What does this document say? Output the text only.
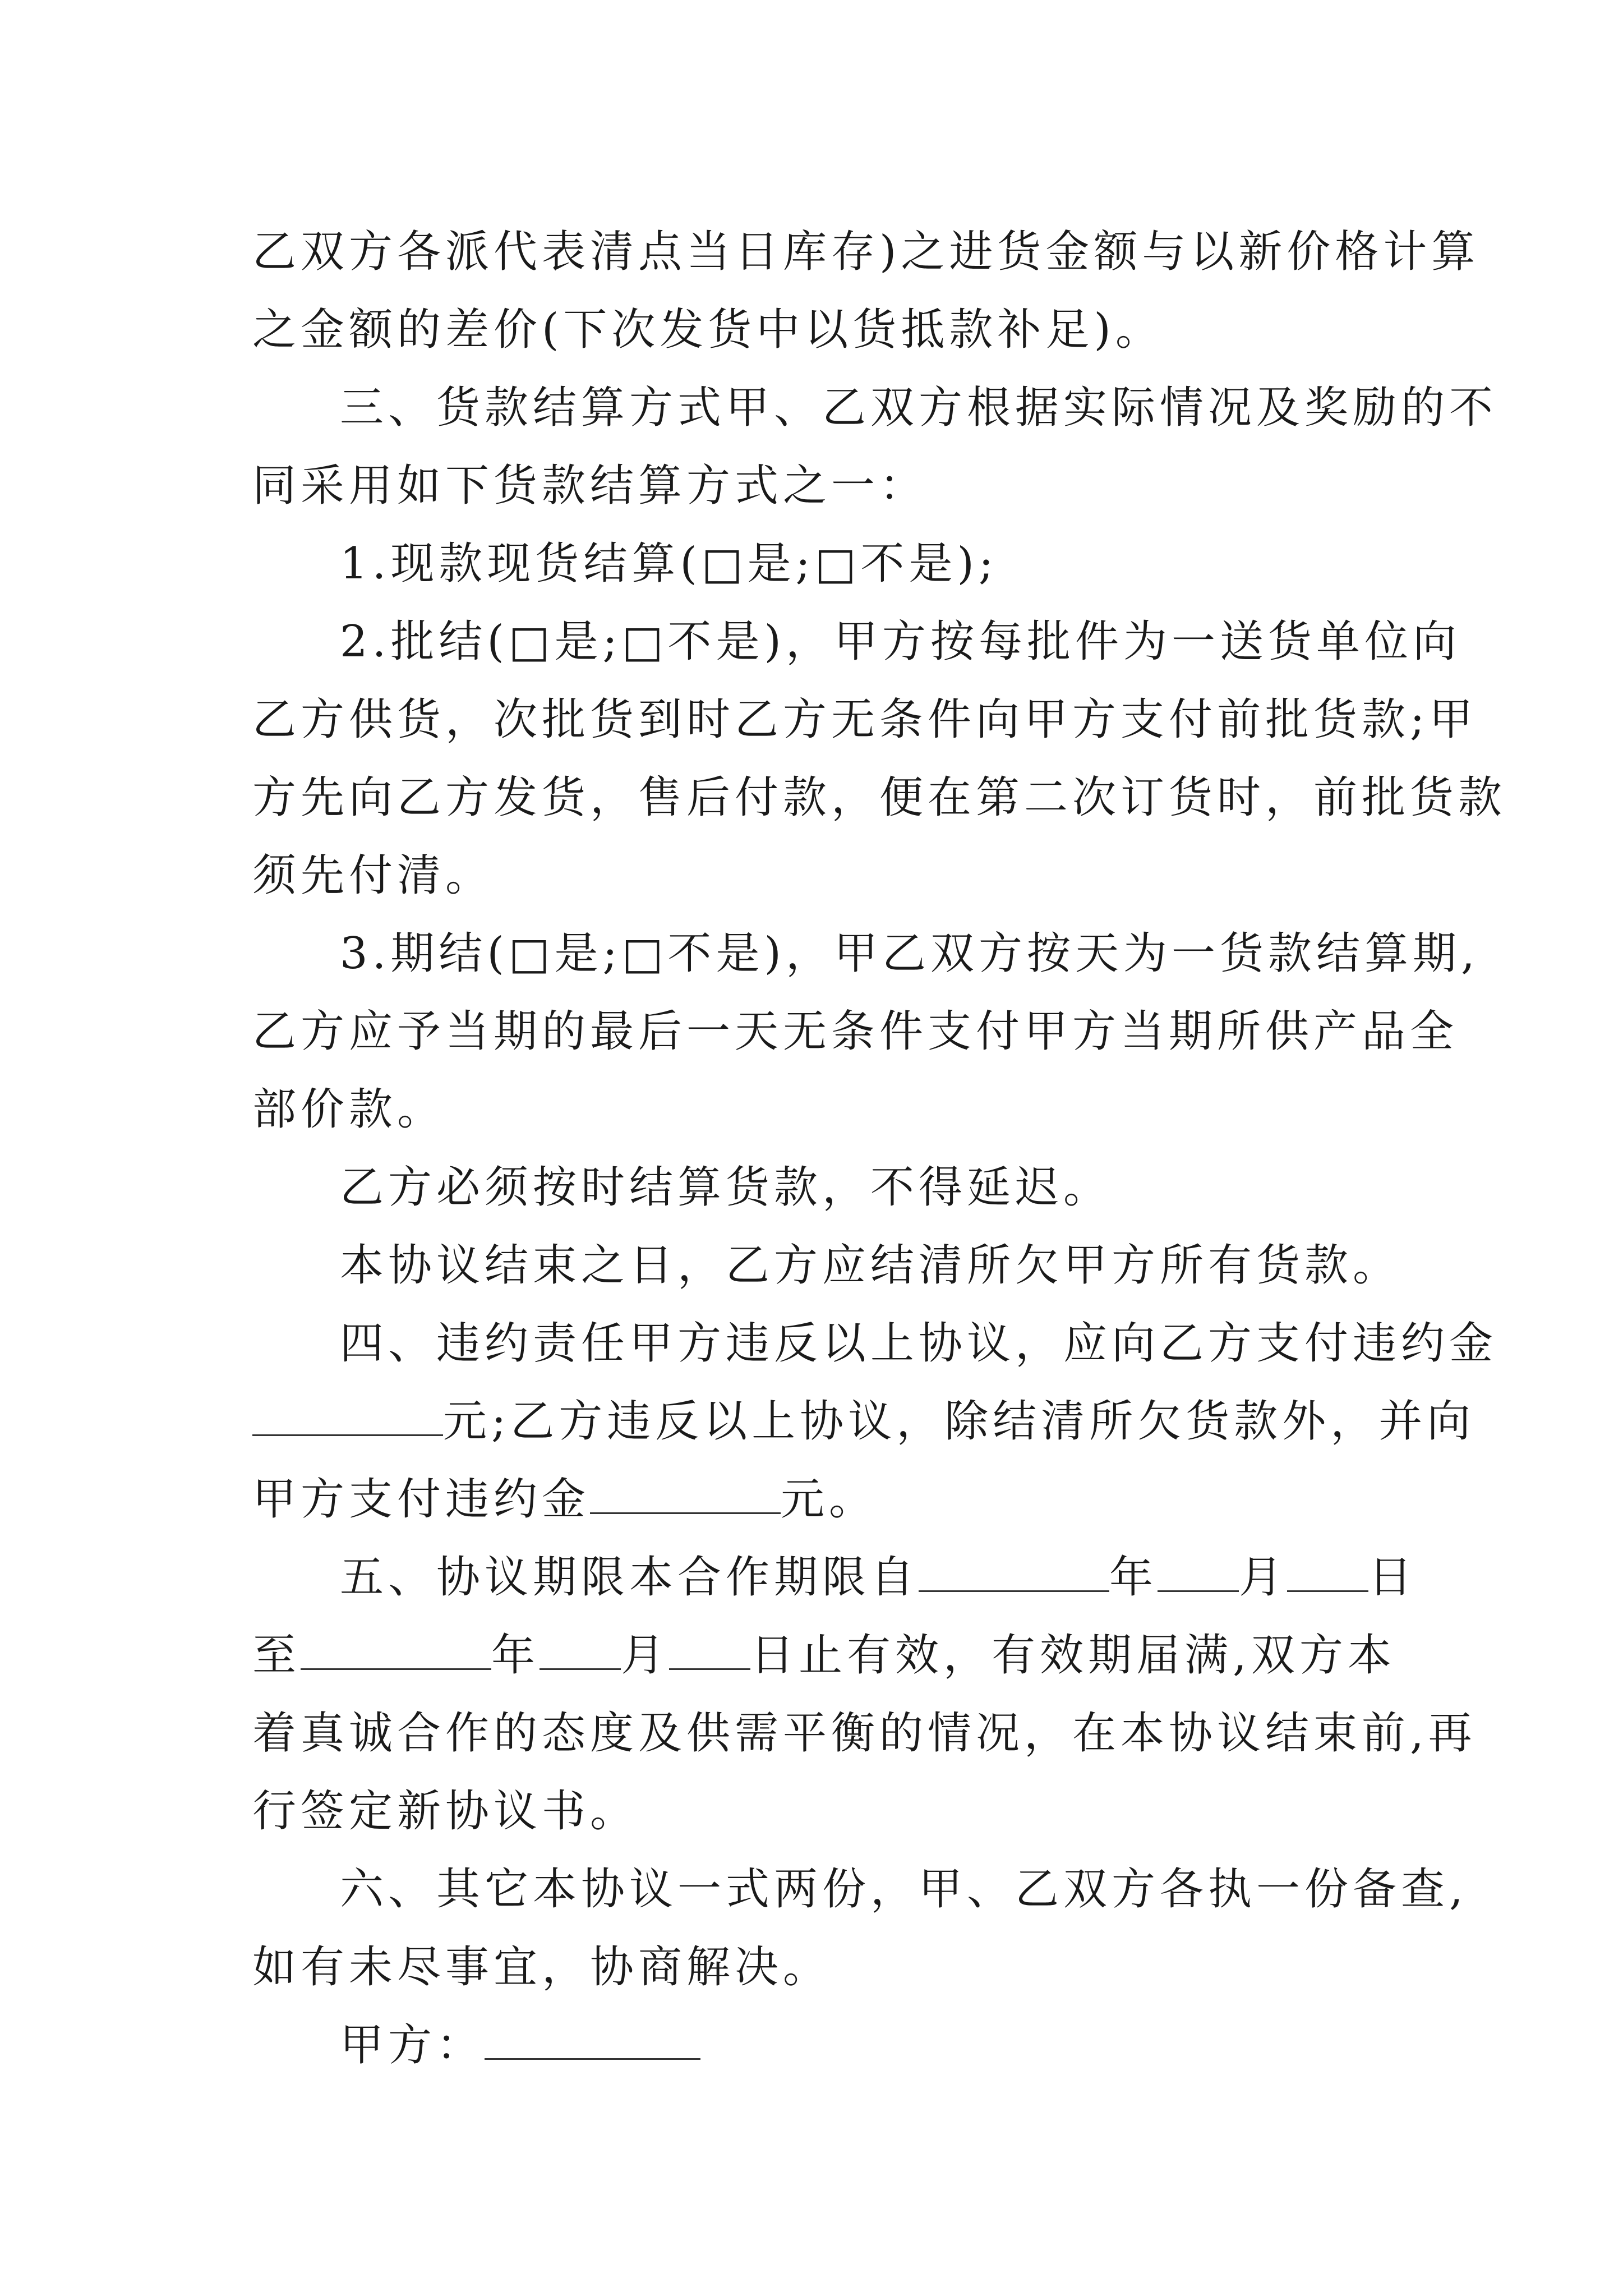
乙双方各派代表清点当日库存)之进货金额与以新价格计算
之金额的差价(下次发货中以货抵款补足)。
三、货款结算方式甲、乙双方根据实际情况及奖励的不
同采用如下货款结算方式之一：
1.现款现货结算(□是;□不是);
2.批结(□是;□不是)，甲方按每批件为一送货单位向
乙方供货，次批货到时乙方无条件向甲方支付前批货款;甲
方先向乙方发货，售后付款，便在第二次订货时，前批货款
须先付清。
3.期结(□是;□不是)，甲乙双方按天为一货款结算期,
乙方应予当期的最后一天无条件支付甲方当期所供产品全
部价款。
乙方必须按时结算货款，不得延迟。
本协议结束之日，乙方应结清所欠甲方所有货款。
四、违约责任甲方违反以上协议，应向乙方支付违约金
元;乙方违反以上协议，除结清所欠货款外，并向
甲方支付违约金	元。
五、协议期限本合作期限自	年 月 日
至	年 月 日止有效，有效期届满,双方本
着真诚合作的态度及供需平衡的情况，在本协议结束前,再
行签定新协议书。
六、其它本协议一式两份，甲、乙双方各执一份备查,
如有未尽事宜，协商解决。
甲方：
